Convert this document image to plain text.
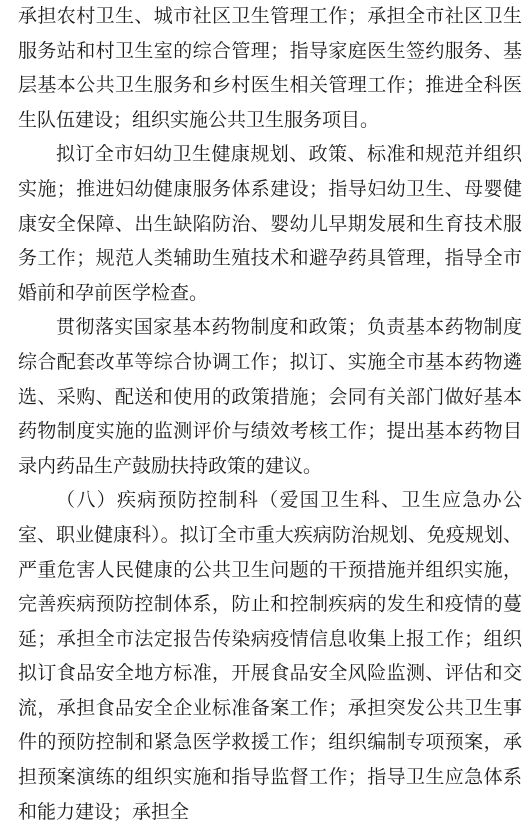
承担农村卫生、城市社区卫生管理工作；承担全市社区卫生服务站和村卫生室的综合管理；指导家庭医生签约服务、基层基本公共卫生服务和乡村医生相关管理工作；推进全科医生队伍建设；组织实施公共卫生服务项目。

拟订全市妇幼卫生健康规划、政策、标准和规范并组织实施；推进妇幼健康服务体系建设；指导妇幼卫生、母婴健康安全保障、出生缺陷防治、婴幼儿早期发展和生育技术服务工作；规范人类辅助生殖技术和避孕药具管理，指导全市婚前和孕前医学检查。

贯彻落实国家基本药物制度和政策；负责基本药物制度综合配套改革等综合协调工作；拟订、实施全市基本药物遴选、采购、配送和使用的政策措施；会同有关部门做好基本药物制度实施的监测评价与绩效考核工作；提出基本药物目录内药品生产鼓励扶持政策的建议。

（八）疾病预防控制科（爱国卫生科、卫生应急办公室、职业健康科）。拟订全市重大疾病防治规划、免疫规划、严重危害人民健康的公共卫生问题的干预措施并组织实施，完善疾病预防控制体系，防止和控制疾病的发生和疫情的蔓延；承担全市法定报告传染病疫情信息收集上报工作；组织拟订食品安全地方标准，开展食品安全风险监测、评估和交流，承担食品安全企业标准备案工作；承担突发公共卫生事件的预防控制和紧急医学救援工作；组织编制专项预案，承担预案演练的组织实施和指导监督工作；指导卫生应急体系和能力建设；承担全
